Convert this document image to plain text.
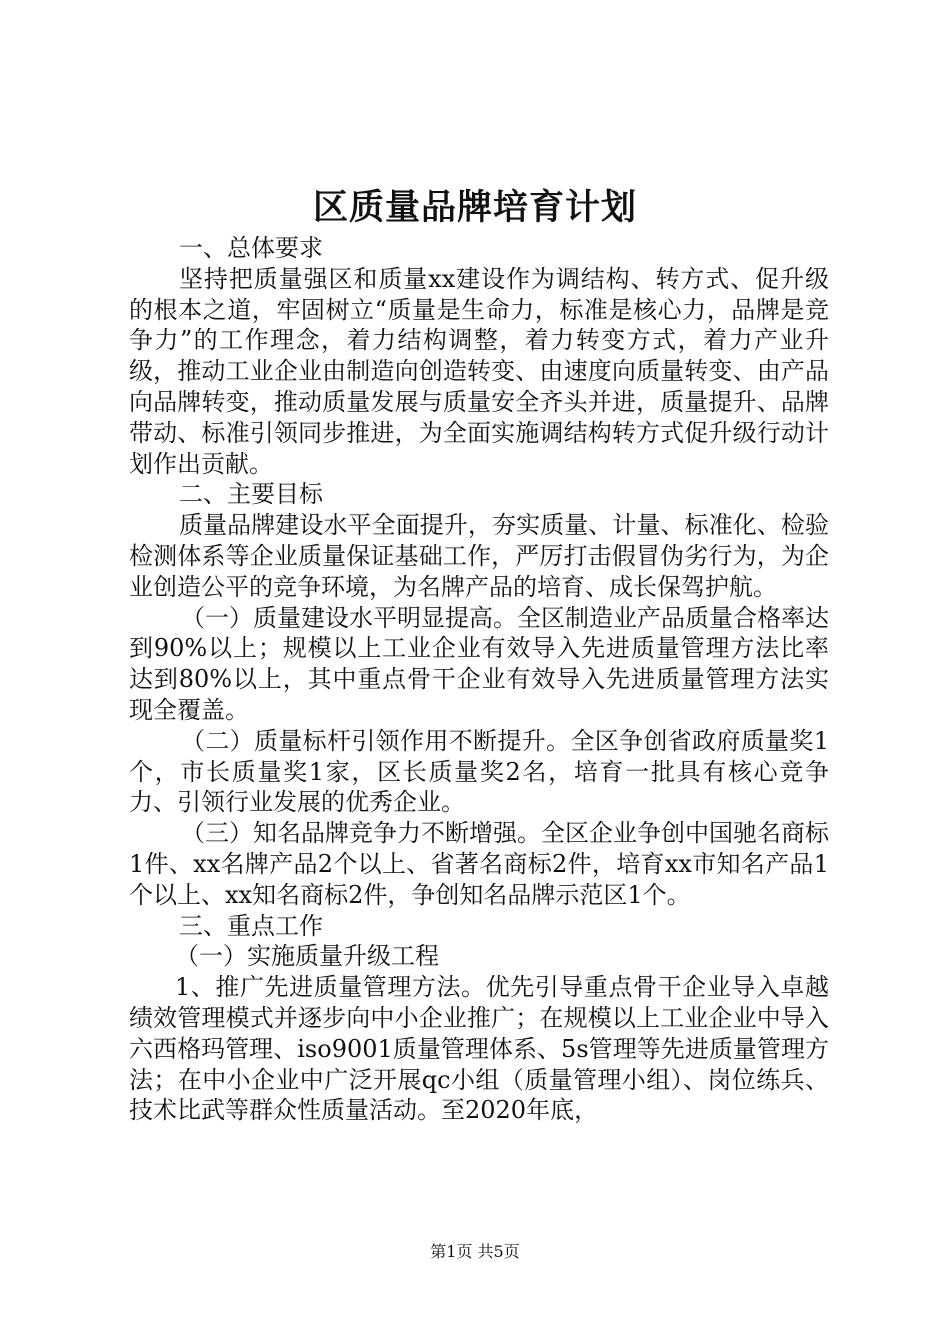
区质量品牌培育计划

一、总体要求

坚持把质量强区和质量xx建设作为调结构、转方式、促升级的根本之道，牢固树立“质量是生命力，标准是核心力，品牌是竞争力”的工作理念，着力结构调整，着力转变方式，着力产业升级，推动工业企业由制造向创造转变、由速度向质量转变、由产品向品牌转变，推动质量发展与质量安全齐头并进，质量提升、品牌带动、标准引领同步推进，为全面实施调结构转方式促升级行动计划作出贡献。

二、主要目标

质量品牌建设水平全面提升，夯实质量、计量、标准化、检验检测体系等企业质量保证基础工作，严厉打击假冒伪劣行为，为企业创造公平的竞争环境，为名牌产品的培育、成长保驾护航。

（一）质量建设水平明显提高。全区制造业产品质量合格率达到90%以上；规模以上工业企业有效导入先进质量管理方法比率达到80%以上，其中重点骨干企业有效导入先进质量管理方法实现全覆盖。

（二）质量标杆引领作用不断提升。全区争创省政府质量奖1个，市长质量奖1家，区长质量奖2名，培育一批具有核心竞争力、引领行业发展的优秀企业。

（三）知名品牌竞争力不断增强。全区企业争创中国驰名商标1件、xx名牌产品2个以上、省著名商标2件，培育xx市知名产品1个以上、xx知名商标2件，争创知名品牌示范区1个。

三、重点工作

（一）实施质量升级工程

1、推广先进质量管理方法。优先引导重点骨干企业导入卓越绩效管理模式并逐步向中小企业推广；在规模以上工业企业中导入六西格玛管理、iso9001质量管理体系、5s管理等先进质量管理方法；在中小企业中广泛开展qc小组（质量管理小组）、岗位练兵、技术比武等群众性质量活动。至2020年底，

第1页 共5页
